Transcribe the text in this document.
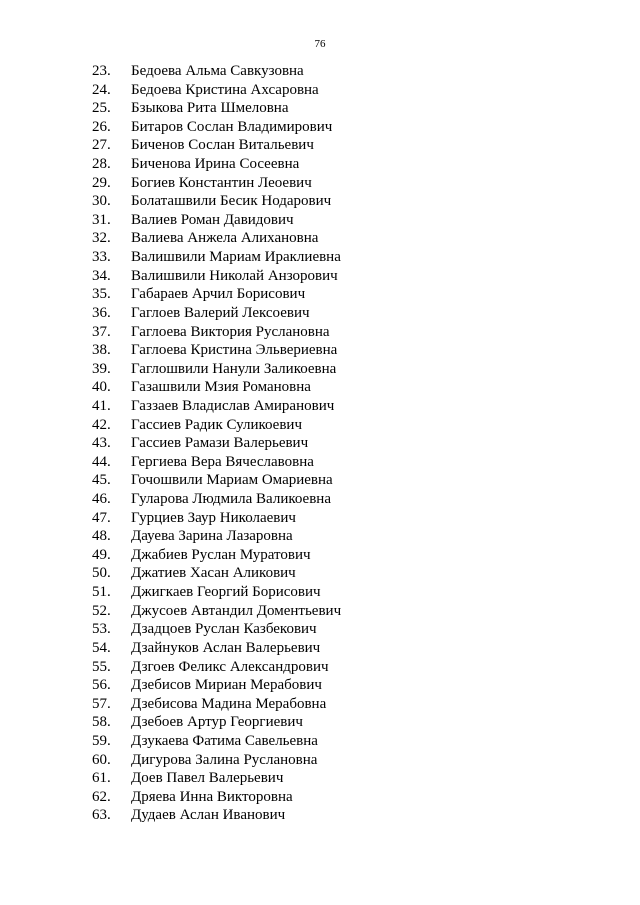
76
23. Бедоева Альма Савкузовна
24. Бедоева Кристина Ахсаровна
25. Бзыкова Рита Шмеловна
26. Битаров Сослан Владимирович
27. Биченов Сослан Витальевич
28. Биченова Ирина Сосеевна
29. Богиев Константин Леоевич
30. Болаташвили Бесик Нодарович
31. Валиев Роман Давидович
32. Валиева Анжела Алихановна
33. Валишвили Мариам Ираклиевна
34. Валишвили Николай Анзорович
35. Габараев Арчил Борисович
36. Гаглоев Валерий Лексоевич
37. Гаглоева Виктория Руслановна
38. Гаглоева Кристина Эльвериевна
39. Гаглошвили Нанули Заликоевна
40. Газашвили Мзия Романовна
41. Газзаев Владислав Амиранович
42. Гассиев Радик Суликоевич
43. Гассиев Рамази Валерьевич
44. Гергиева Вера Вячеславовна
45. Гочошвили Мариам Омариевна
46. Гуларова Людмила Валикоевна
47. Гурциев Заур Николаевич
48. Дауева Зарина Лазаровна
49. Джабиев Руслан Муратович
50. Джатиев Хасан Аликович
51. Джигкаев Георгий Борисович
52. Джусоев Автандил Доментьевич
53. Дзадцоев Руслан Казбекович
54. Дзайнуков Аслан Валерьевич
55. Дзгоев Феликс Александрович
56. Дзебисов Мириан Мерабович
57. Дзебисова Мадина Мерабовна
58. Дзебоев Артур Георгиевич
59. Дзукаева Фатима Савельевна
60. Дигурова Залина Руслановна
61. Доев Павел Валерьевич
62. Дряева Инна Викторовна
63. Дудаев Аслан Иванович
